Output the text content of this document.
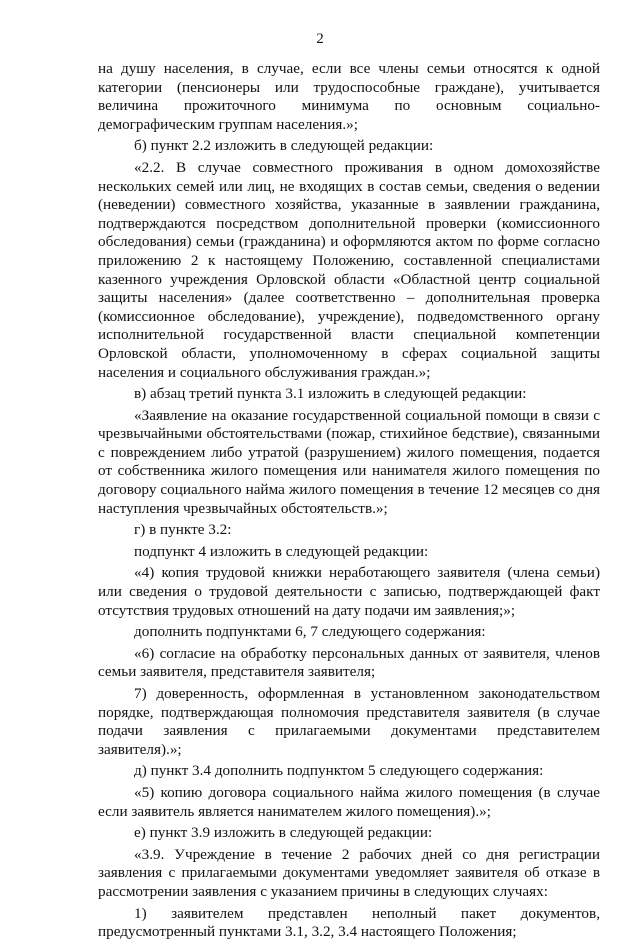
2

на душу населения, в случае, если все члены семьи относятся к одной категории (пенсионеры или трудоспособные граждане), учитывается величина прожиточного минимума по основным социально-демографическим группам населения.»;

б) пункт 2.2 изложить в следующей редакции:

«2.2. В случае совместного проживания в одном домохозяйстве нескольких семей или лиц, не входящих в состав семьи, сведения о ведении (неведении) совместного хозяйства, указанные в заявлении гражданина, подтверждаются посредством дополнительной проверки (комиссионного обследования) семьи (гражданина) и оформляются актом по форме согласно приложению 2 к настоящему Положению, составленной специалистами казенного учреждения Орловской области «Областной центр социальной защиты населения» (далее соответственно – дополнительная проверка (комиссионное обследование), учреждение), подведомственного органу исполнительной государственной власти специальной компетенции Орловской области, уполномоченному в сферах социальной защиты населения и социального обслуживания граждан.»;

в) абзац третий пункта 3.1 изложить в следующей редакции:

«Заявление на оказание государственной социальной помощи в связи с чрезвычайными обстоятельствами (пожар, стихийное бедствие), связанными с повреждением либо утратой (разрушением) жилого помещения, подается от собственника жилого помещения или нанимателя жилого помещения по договору социального найма жилого помещения в течение 12 месяцев со дня наступления чрезвычайных обстоятельств.»;

г) в пункте 3.2:

подпункт 4 изложить в следующей редакции:

«4) копия трудовой книжки неработающего заявителя (члена семьи) или сведения о трудовой деятельности с записью, подтверждающей факт отсутствия трудовых отношений на дату подачи им заявления;»;

дополнить подпунктами 6, 7 следующего содержания:

«6) согласие на обработку персональных данных от заявителя, членов семьи заявителя, представителя заявителя;

7) доверенность, оформленная в установленном законодательством порядке, подтверждающая полномочия представителя заявителя (в случае подачи заявления с прилагаемыми документами представителем заявителя).»;

д) пункт 3.4 дополнить подпунктом 5 следующего содержания:

«5) копию договора социального найма жилого помещения (в случае если заявитель является нанимателем жилого помещения).»;

е) пункт 3.9 изложить в следующей редакции:

«3.9. Учреждение в течение 2 рабочих дней со дня регистрации заявления с прилагаемыми документами уведомляет заявителя об отказе в рассмотрении заявления с указанием причины в следующих случаях:

1) заявителем представлен неполный пакет документов, предусмотренный пунктами 3.1, 3.2, 3.4 настоящего Положения;
